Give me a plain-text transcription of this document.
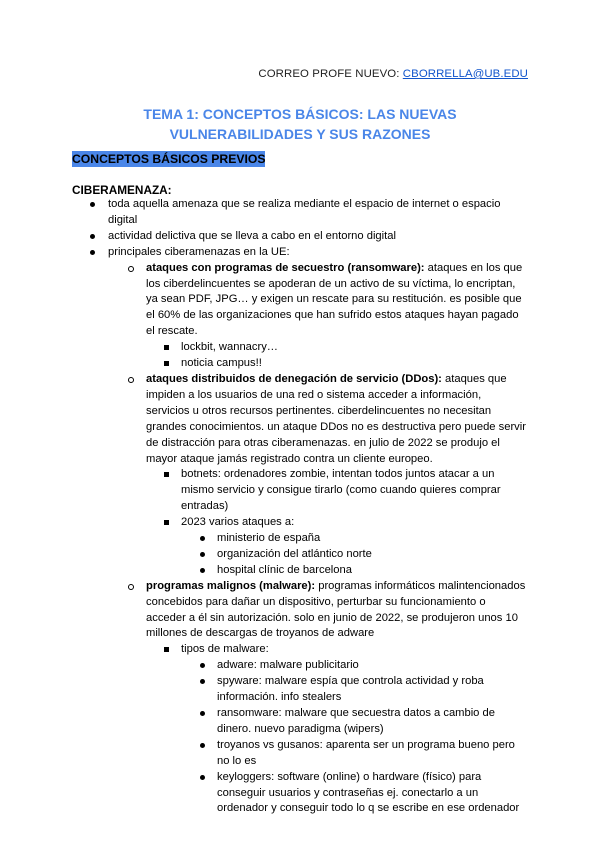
CORREO PROFE NUEVO: CBORRELLA@UB.EDU
TEMA 1: CONCEPTOS BÁSICOS: LAS NUEVAS VULNERABILIDADES Y SUS RAZONES
CONCEPTOS BÁSICOS PREVIOS
CIBERAMENAZA:
toda aquella amenaza que se realiza mediante el espacio de internet o espacio digital
actividad delictiva que se lleva a cabo en el entorno digital
principales ciberamenazas en la UE:
ataques con programas de secuestro (ransomware): ataques en los que los ciberdelincuentes se apoderan de un activo de su víctima, lo encriptan, ya sean PDF, JPG… y exigen un rescate para su restitución. es posible que el 60% de las organizaciones que han sufrido estos ataques hayan pagado el rescate.
lockbit, wannacry…
noticia campus!!
ataques distribuidos de denegación de servicio (DDos): ataques que impiden a los usuarios de una red o sistema acceder a información, servicios u otros recursos pertinentes. ciberdelincuentes no necesitan grandes conocimientos. un ataque DDos no es destructiva pero puede servir de distracción para otras ciberamenazas. en julio de 2022 se produjo el mayor ataque jamás registrado contra un cliente europeo.
botnets: ordenadores zombie, intentan todos juntos atacar a un mismo servicio y consigue tirarlo (como cuando quieres comprar entradas)
2023 varios ataques a:
ministerio de españa
organización del atlántico norte
hospital clínic de barcelona
programas malignos (malware): programas informáticos malintencionados concebidos para dañar un dispositivo, perturbar su funcionamiento o acceder a él sin autorización. solo en junio de 2022, se produjeron unos 10 millones de descargas de troyanos de adware
tipos de malware:
adware: malware publicitario
spyware: malware espía que controla actividad y roba información. info stealers
ransomware: malware que secuestra datos a cambio de dinero. nuevo paradigma (wipers)
troyanos vs gusanos: aparenta ser un programa bueno pero no lo es
keyloggers: software (online) o hardware (físico) para conseguir usuarios y contraseñas ej. conectarlo a un ordenador y conseguir todo lo q se escribe en ese ordenador
